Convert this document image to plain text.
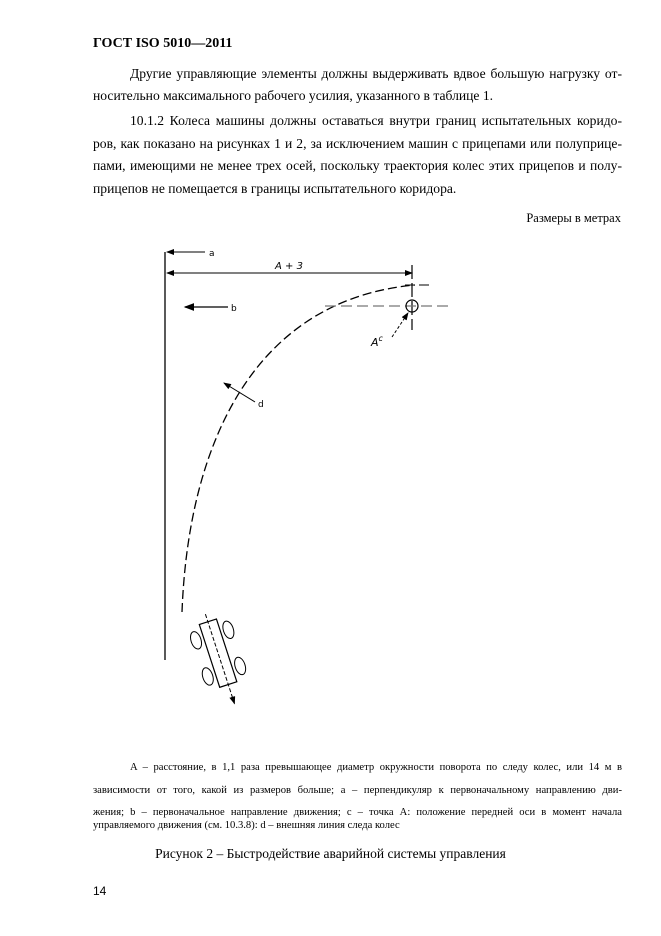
ГОСТ ISO 5010—2011
Другие управляющие элементы должны выдерживать вдвое большую нагрузку от-
носительно максимального рабочего усилия, указанного в таблице 1.
10.1.2 Колеса машины должны оставаться внутри границ испытательных коридо-
ров, как показано на рисунках 1 и 2, за исключением машин с прицепами или полуприце-
пами, имеющими не менее трех осей, поскольку траектория колес этих прицепов и полу-
прицепов не помещается в границы испытательного коридора.
Размеры в метрах
a
A + 3
b
$A^c$
d
A – расстояние, в 1,1 раза превышающее диаметр окружности поворота по следу колес, или 14 м в
зависимости от того, какой из размеров больше; a – перпендикуляр к первоначальному направлению дви-
жения; b – первоначальное направление движения; c – точка А: положение передней оси в момент начала
управляемого движения (см. 10.3.8): d – внешняя линия следа колес
Рисунок 2 – Быстродействие аварийной системы управления
14
